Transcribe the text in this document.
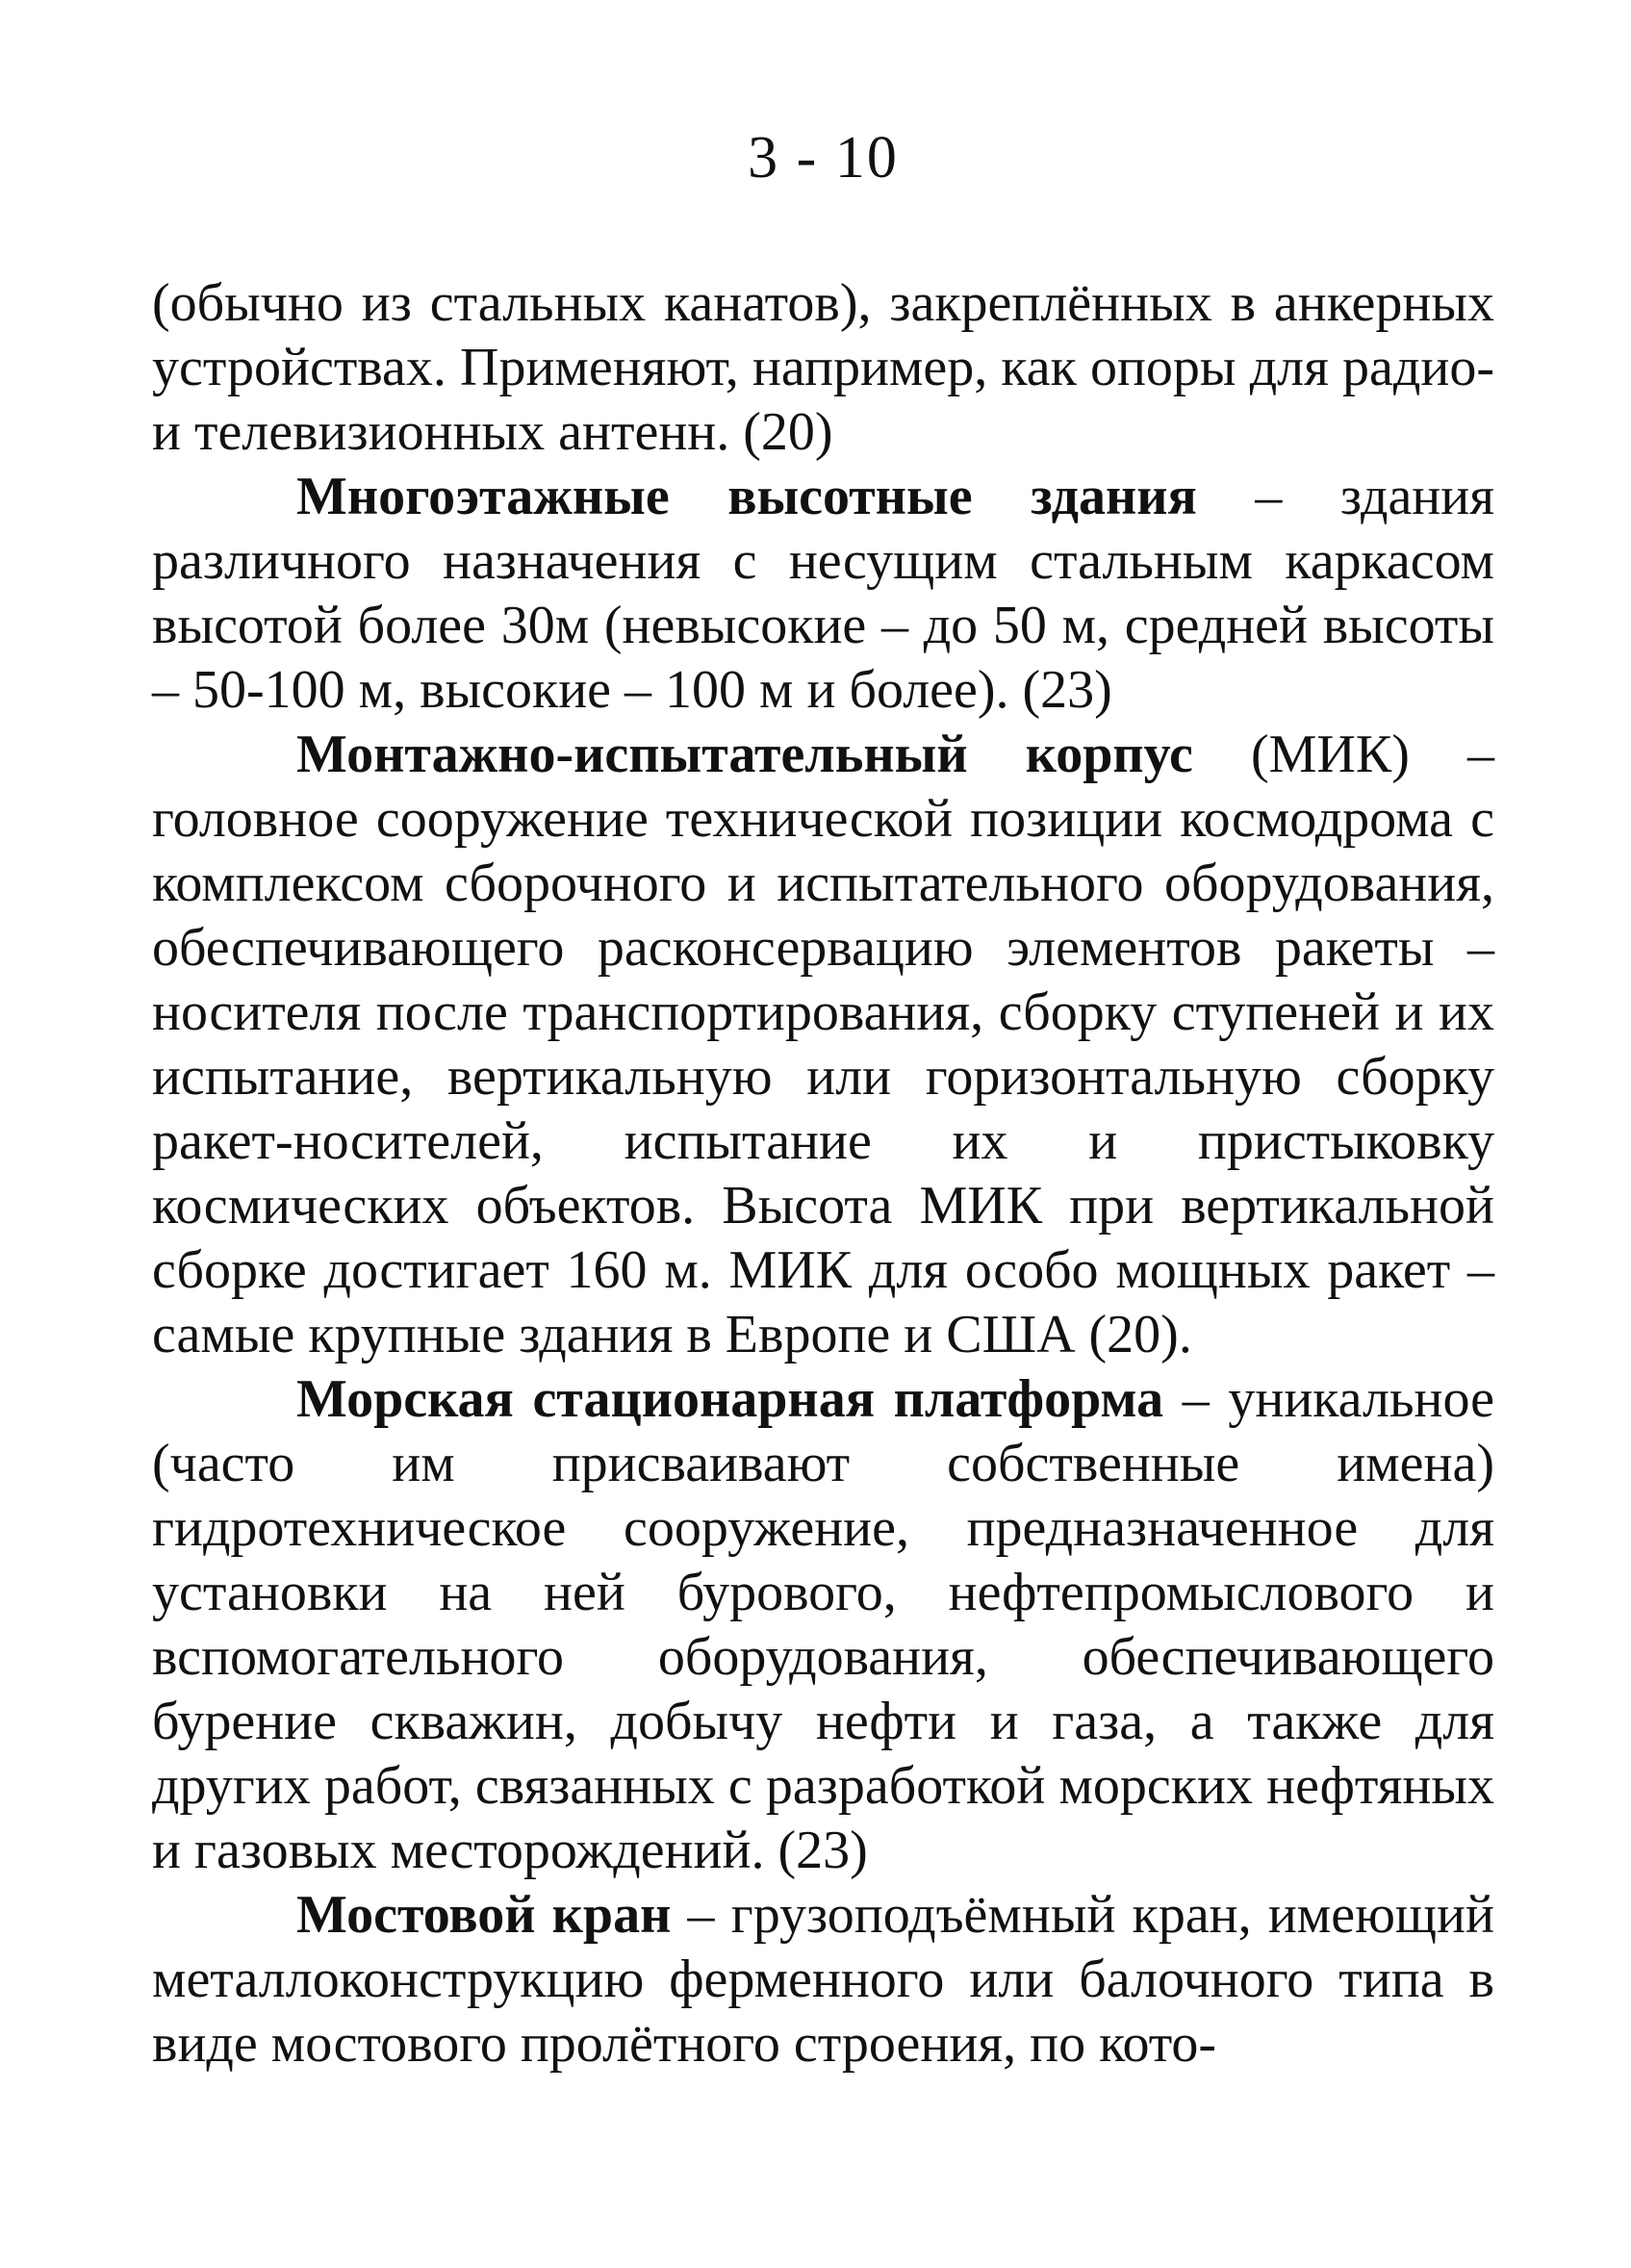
3 - 10

(обычно из стальных канатов), закреплённых в анкерных устройствах. Применяют, например, как опоры для радио- и телевизионных антенн. (20)

Многоэтажные высотные здания – здания различного назначения с несущим стальным каркасом высотой более 30м (невысокие – до 50 м, средней высоты – 50-100 м, высокие – 100 м и более). (23)

Монтажно-испытательный корпус (МИК) – головное сооружение технической позиции космодрома с комплексом сборочного и испытательного оборудования, обеспечивающего расконсервацию элементов ракеты – носителя после транспортирования, сборку ступеней и их испытание, вертикальную или горизонтальную сборку ракет-носителей, испытание их и пристыковку космических объектов. Высота МИК при вертикальной сборке достигает 160 м. МИК для особо мощных ракет – самые крупные здания в Европе и США (20).

Морская стационарная платформа – уникальное (часто им присваивают собственные имена) гидротехническое сооружение, предназначенное для установки на ней бурового, нефтепромыслового и вспомогательного оборудования, обеспечивающего бурение скважин, добычу нефти и газа, а также для других работ, связанных с разработкой морских нефтяных и газовых месторождений. (23)

Мостовой кран – грузоподъёмный кран, имеющий металлоконструкцию ферменного или балочного типа в виде мостового пролётного строения, по кото-
